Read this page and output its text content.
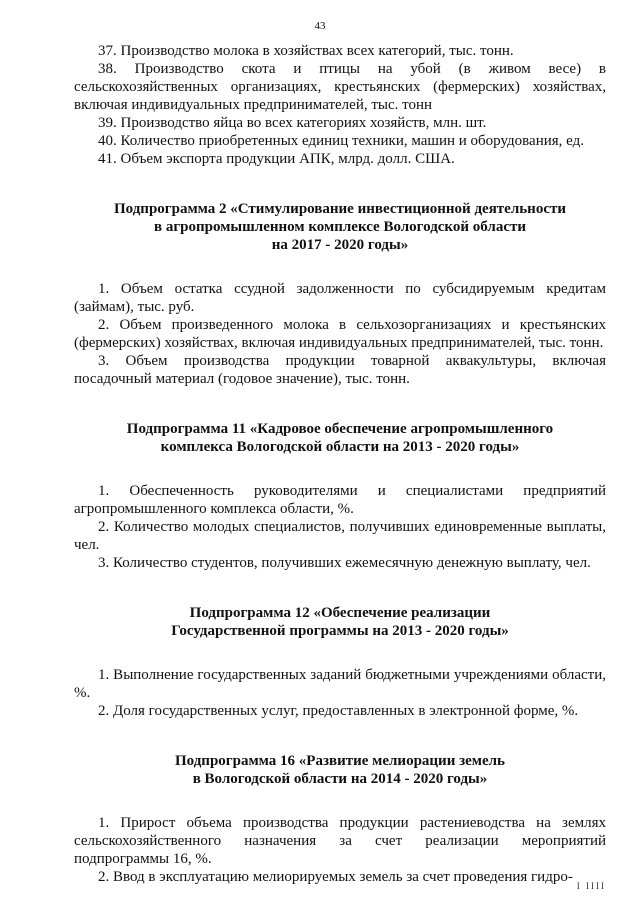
43

37. Производство молока в хозяйствах всех категорий, тыс. тонн.

38. Производство скота и птицы на убой (в живом весе) в сельскохозяйственных организациях, крестьянских (фермерских) хозяйствах, включая индивидуальных предпринимателей, тыс. тонн

39. Производство яйца во всех категориях хозяйств, млн. шт.

40. Количество приобретенных единиц техники, машин и оборудования, ед.

41. Объем экспорта продукции АПК, млрд. долл. США.

Подпрограмма 2 «Стимулирование инвестиционной деятельности

в агропромышленном комплексе Вологодской области

на 2017 - 2020 годы»

1. Объем остатка ссудной задолженности по субсидируемым кредитам (займам), тыс. руб.

2. Объем произведенного молока в сельхозорганизациях и крестьянских (фермерских) хозяйствах, включая индивидуальных предпринимателей, тыс. тонн.

3. Объем производства продукции товарной аквакультуры, включая посадочный материал (годовое значение), тыс. тонн.

Подпрограмма 11 «Кадровое обеспечение агропромышленного

комплекса Вологодской области на 2013 - 2020 годы»

1. Обеспеченность руководителями и специалистами предприятий агропромышленного комплекса области, %.

2. Количество молодых специалистов, получивших единовременные выплаты, чел.

3. Количество студентов, получивших ежемесячную денежную выплату, чел.

Подпрограмма 12 «Обеспечение реализации

Государственной программы на 2013 - 2020 годы»

1. Выполнение государственных заданий бюджетными учреждениями области, %.

2. Доля государственных услуг, предоставленных в электронной форме, %.

Подпрограмма 16 «Развитие мелиорации земель

в Вологодской области на 2014 - 2020 годы»

1. Прирост объема производства продукции растениеводства на землях сельскохозяйственного назначения за счет реализации мероприятий подпрограммы 16, %.

2. Ввод в эксплуатацию мелиорируемых земель за счет проведения гидро-

I IIII
